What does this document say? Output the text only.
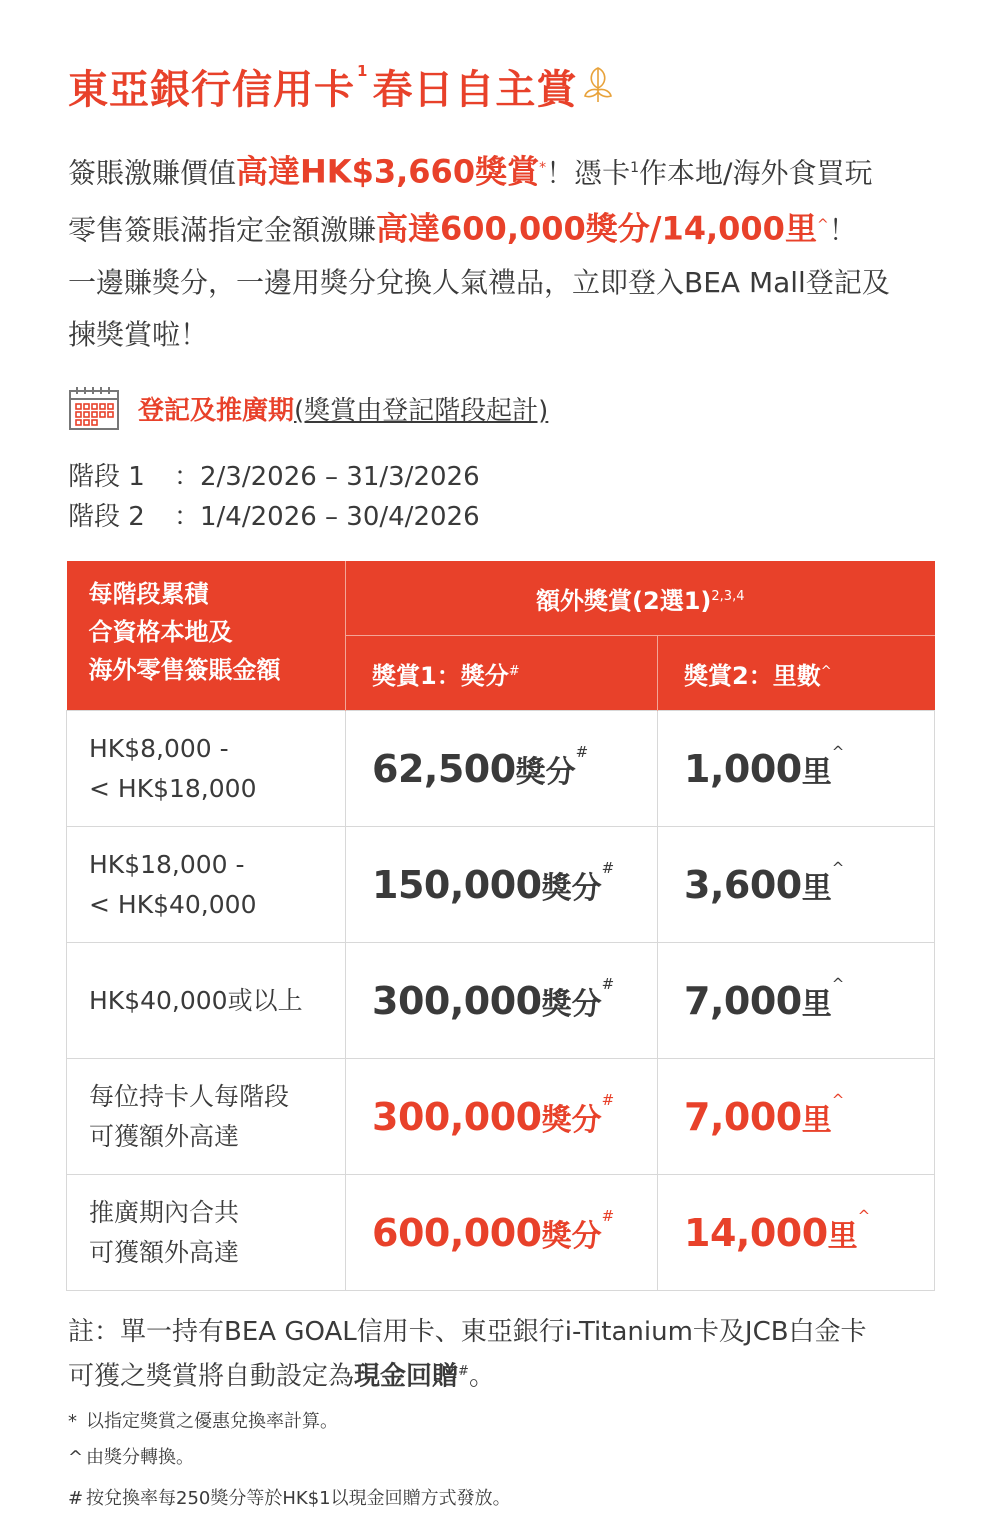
東亞銀行信用卡$^1$ 春日自主賞
簽賬激賺價值高達HK$3,660獎賞*！憑卡$^1$作本地/海外食買玩
零售簽賬滿指定金額激賺高達600,000獎分/14,000里^！
一邊賺獎分，一邊用獎分兌換人氣禮品，立即登入BEA Mall登記及
揀獎賞啦！
登記及推廣期 (獎賞由登記階段起計)
階段 1 ：2/3/2026 – 31/3/2026
階段 2 ：1/4/2026 – 30/4/2026
每階段累積
合資格本地及
海外零售簽賬金額	額外獎賞(2選1)$^{2,3,4}$
	獎賞1：獎分#	獎賞2：里數^

HK$8,000 -
< HK$18,000	62,500獎分#	1,000里^

HK$18,000 -
< HK$40,000	150,000獎分#	3,600里^

HK$40,000或以上	300,000獎分#	7,000里^

每位持卡人每階段
可獲額外高達	300,000獎分#	7,000里^

推廣期內合共
可獲額外高達	600,000獎分#	14,000里^
註：單一持有BEA GOAL信用卡、東亞銀行i-Titanium卡及JCB白金卡
可獲之獎賞將自動設定為現金回贈#。
* 以指定獎賞之優惠兌換率計算。
^ 由獎分轉換。
# 按兌換率每250獎分等於HK$1以現金回贈方式發放。
